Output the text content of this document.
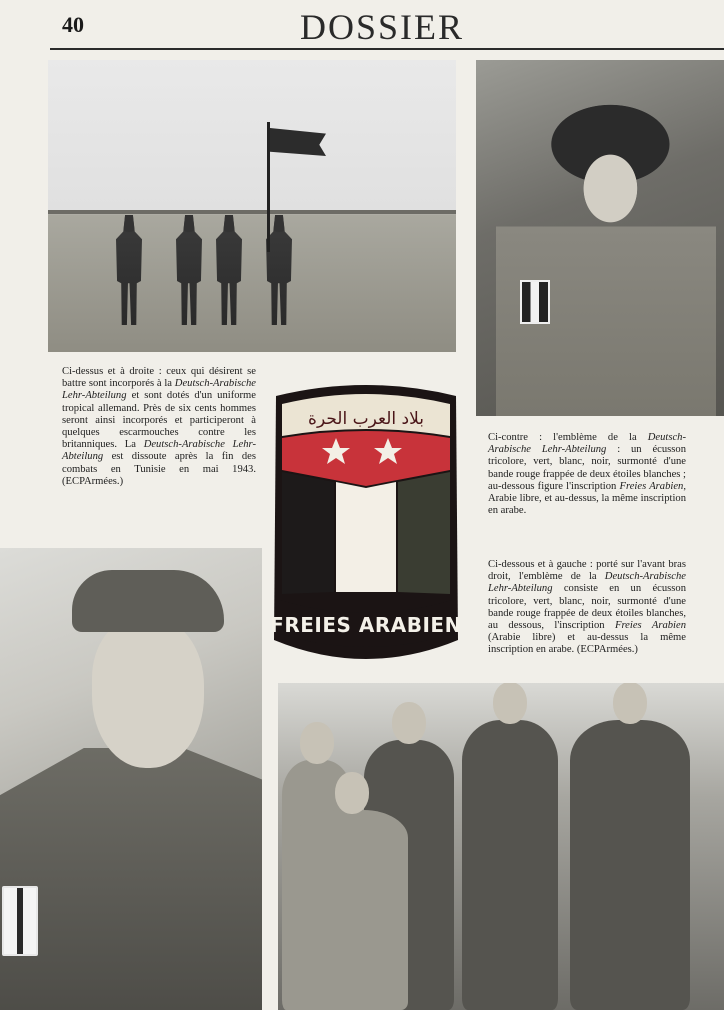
40	DOSSIER

Ci-dessus et à droite : ceux qui désirent se battre sont incorporés à la Deutsch-Arabische Lehr-Abteilung et sont dotés d'un uniforme tropical allemand. Près de six cents hommes seront ainsi incorporés et participeront à quelques escarmouches contre les britanniques. La Deutsch-Arabische Lehr-Abteilung est dissoute après la fin des combats en Tunisie en mai 1943. (ECPArmées.)

بلاد العرب الحرة
FREIES ARABIEN

Ci-contre : l'emblème de la Deutsch-Arabische Lehr-Abteilung : un écusson tricolore, vert, blanc, noir, surmonté d'une bande rouge frappée de deux étoiles blanches ; au-dessous figure l'inscription Freies Arabien, Arabie libre, et au-dessus, la même inscription en arabe.

Ci-dessous et à gauche : porté sur l'avant bras droit, l'emblème de la Deutsch-Arabische Lehr-Abteilung consiste en un écusson tricolore, vert, blanc, noir, surmonté d'une bande rouge frappée de deux étoiles blanches, au dessous, l'inscription Freies Arabien (Arabie libre) et au-dessus la même inscription en arabe. (ECPArmées.)
